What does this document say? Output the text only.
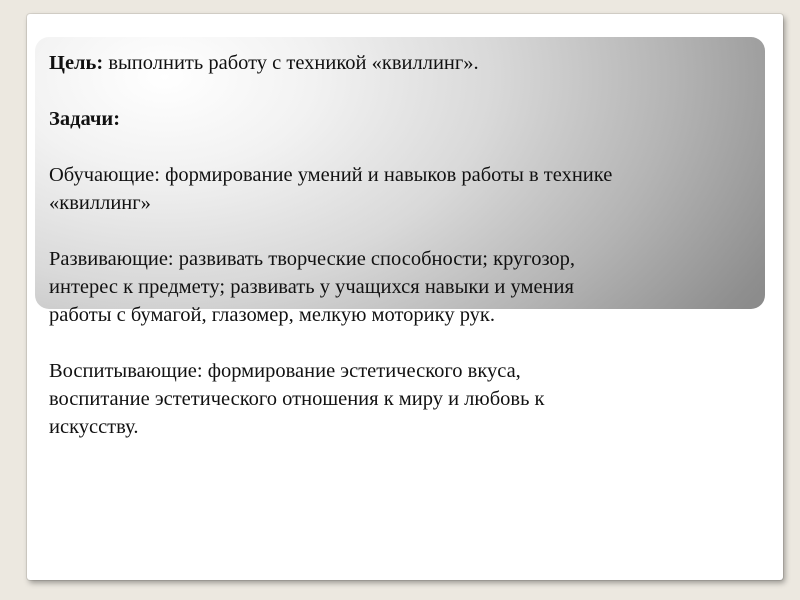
Цель: выполнить работу с техникой «квиллинг».

Задачи:

Обучающие: формирование умений и навыков работы в технике

«квиллинг»

Развивающие: развивать творческие способности; кругозор,

интерес к предмету; развивать у учащихся навыки и умения

работы с бумагой, глазомер, мелкую моторику рук.

Воспитывающие: формирование эстетического вкуса,

воспитание эстетического отношения к миру и любовь к

искусству.
